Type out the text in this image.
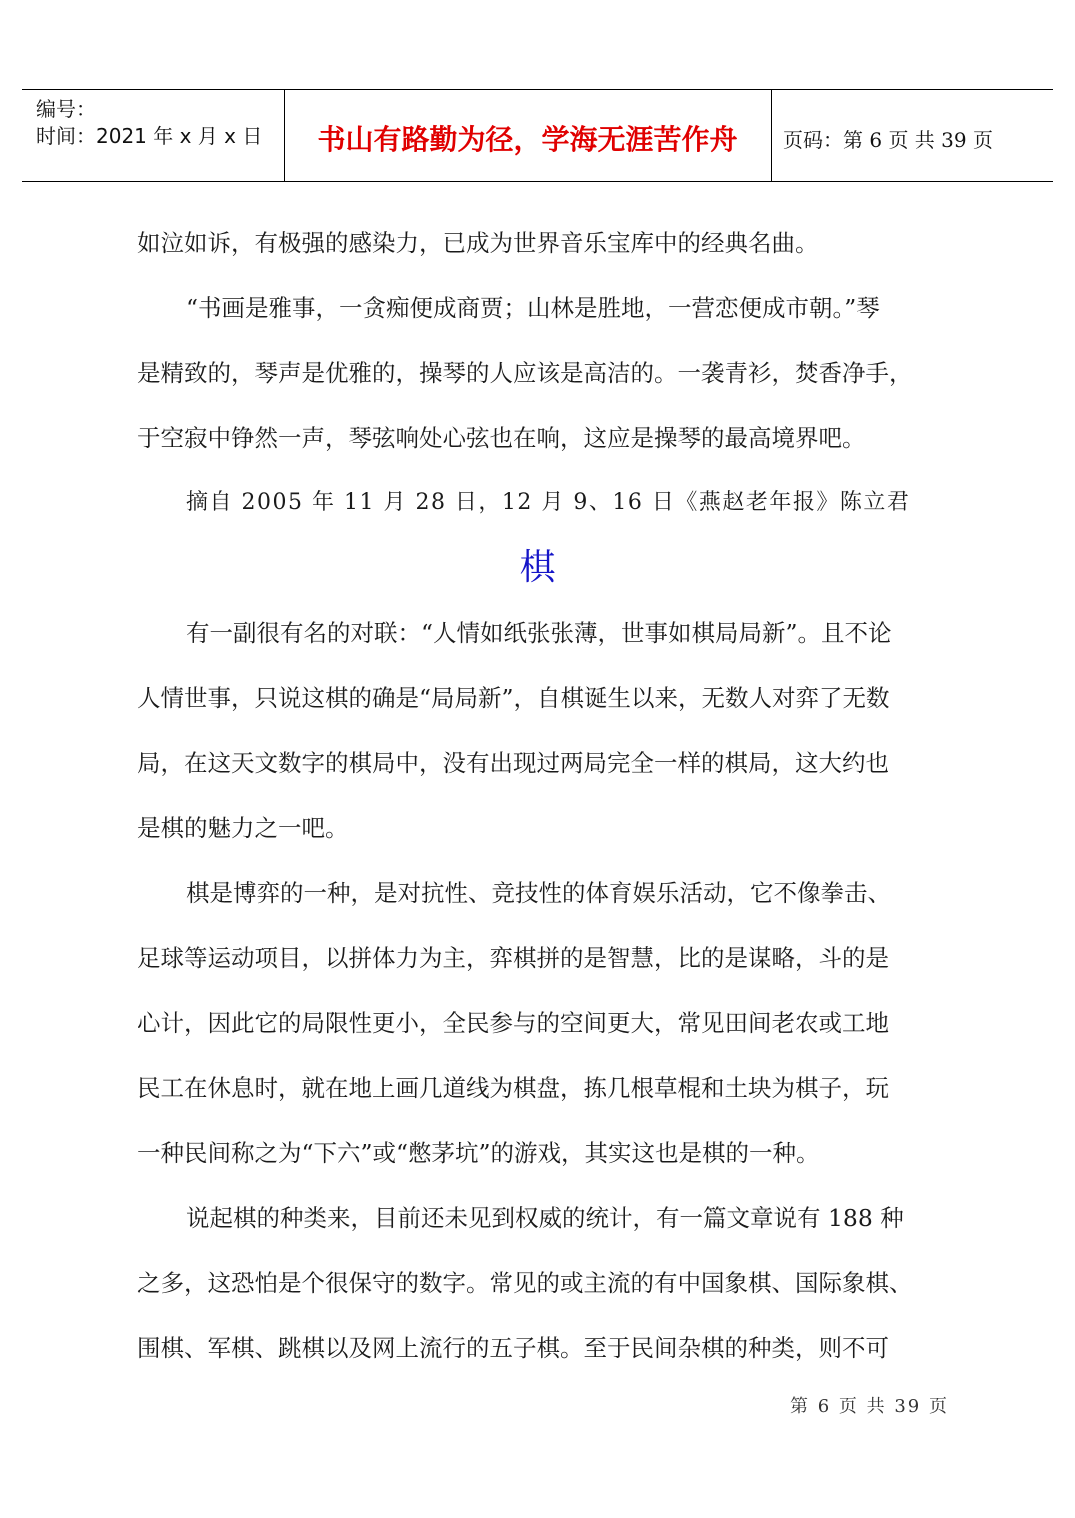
编号：
时间：2021 年 x 月 x 日	书山有路勤为径，学海无涯苦作舟	页码：第 6 页 共 39 页
如泣如诉，有极强的感染力，已成为世界音乐宝库中的经典名曲。
“书画是雅事，一贪痴便成商贾；山林是胜地，一营恋便成市朝。”琴
是精致的，琴声是优雅的，操琴的人应该是高洁的。一袭青衫，焚香净手，
于空寂中铮然一声，琴弦响处心弦也在响，这应是操琴的最高境界吧。
摘自 2005 年 11 月 28 日，12 月 9、16 日《燕赵老年报》陈立君
棋
有一副很有名的对联：“人情如纸张张薄，世事如棋局局新”。且不论
人情世事，只说这棋的确是“局局新”，自棋诞生以来，无数人对弈了无数
局，在这天文数字的棋局中，没有出现过两局完全一样的棋局，这大约也
是棋的魅力之一吧。
棋是博弈的一种，是对抗性、竞技性的体育娱乐活动，它不像拳击、
足球等运动项目，以拼体力为主，弈棋拼的是智慧，比的是谋略，斗的是
心计，因此它的局限性更小，全民参与的空间更大，常见田间老农或工地
民工在休息时，就在地上画几道线为棋盘，拣几根草棍和土块为棋子，玩
一种民间称之为“下六”或“憋茅坑”的游戏，其实这也是棋的一种。
说起棋的种类来，目前还未见到权威的统计，有一篇文章说有 188 种
之多，这恐怕是个很保守的数字。常见的或主流的有中国象棋、国际象棋、
围棋、军棋、跳棋以及网上流行的五子棋。至于民间杂棋的种类，则不可
第 6 页 共 39 页
